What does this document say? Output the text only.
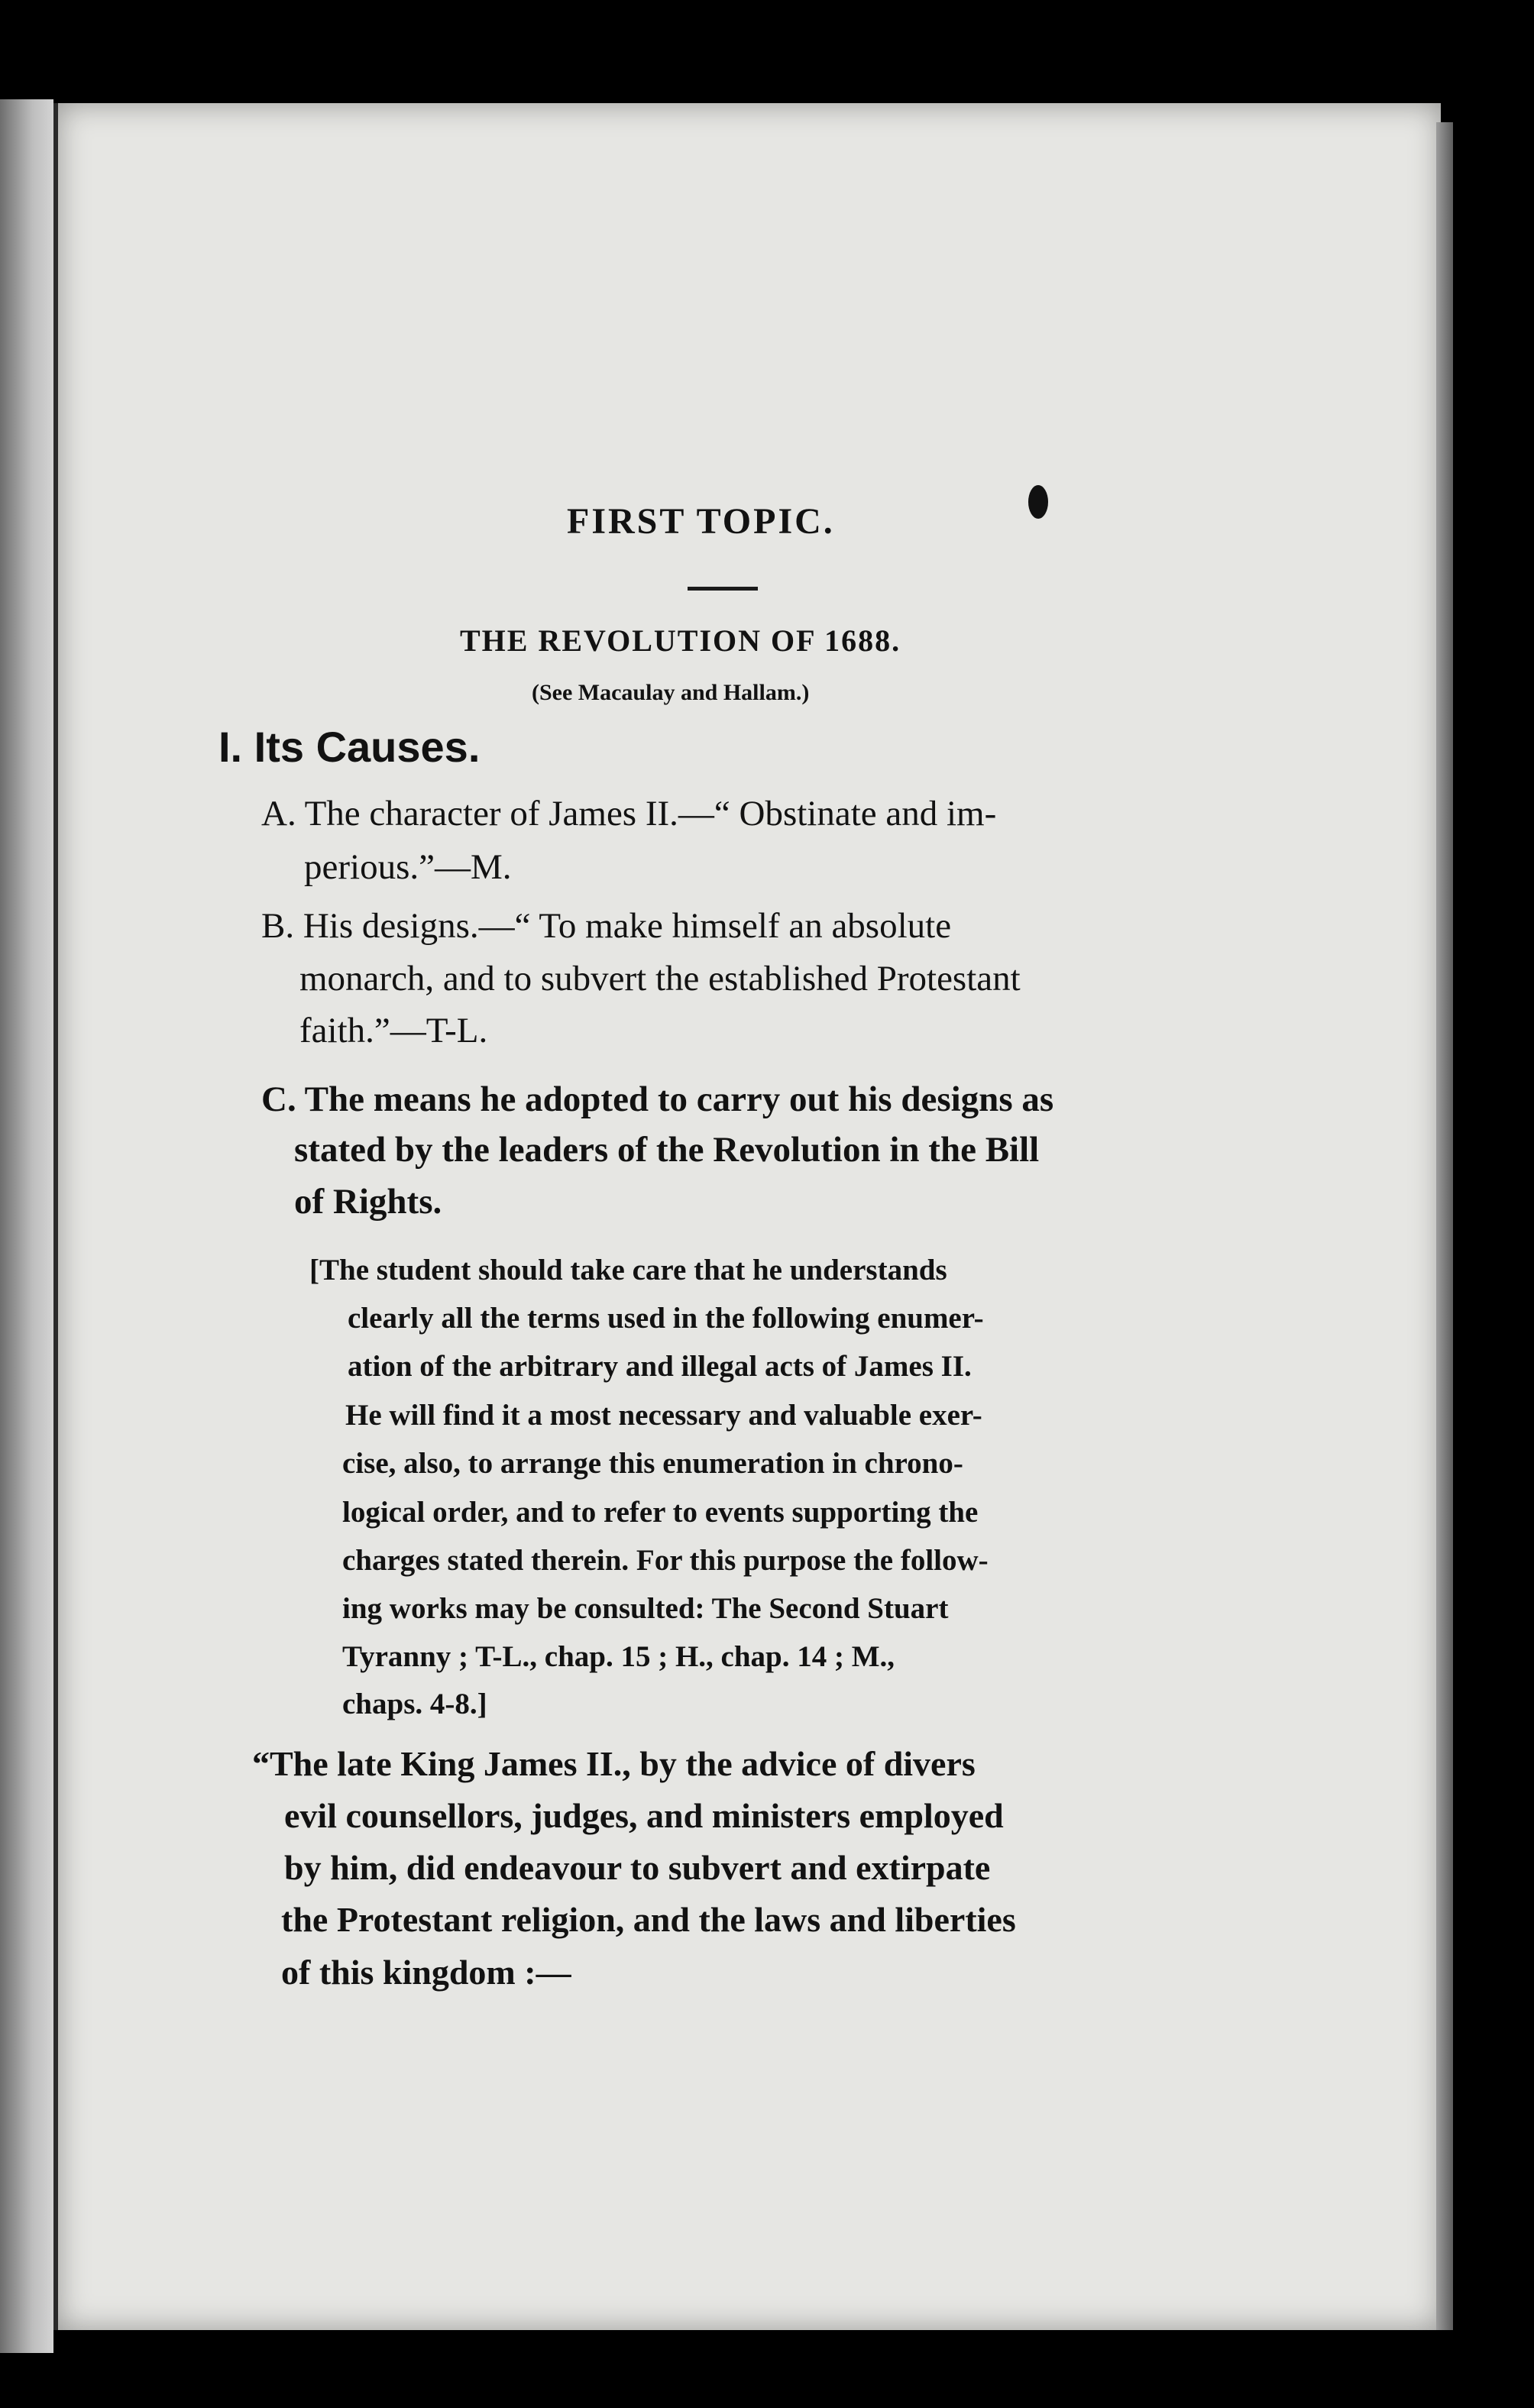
FIRST TOPIC.
THE REVOLUTION OF 1688.
(See Macaulay and Hallam.)
I. Its Causes.
A. The character of James II.—“ Obstinate and im-
perious.”—M.
B. His designs.—“ To make himself an absolute
monarch, and to subvert the established Protestant
faith.”—T-L.
C. The means he adopted to carry out his designs as
stated by the leaders of the Revolution in the Bill
of Rights.
[The student should take care that he understands
clearly all the terms used in the following enumer-
ation of the arbitrary and illegal acts of James II.
He will find it a most necessary and valuable exer-
cise, also, to arrange this enumeration in chrono-
logical order, and to refer to events supporting the
charges stated therein. For this purpose the follow-
ing works may be consulted: The Second Stuart
Tyranny ; T-L., chap. 15 ; H., chap. 14 ; M.,
chaps. 4-8.]
“The late King James II., by the advice of divers
evil counsellors, judges, and ministers employed
by him, did endeavour to subvert and extirpate
the Protestant religion, and the laws and liberties
of this kingdom :—
